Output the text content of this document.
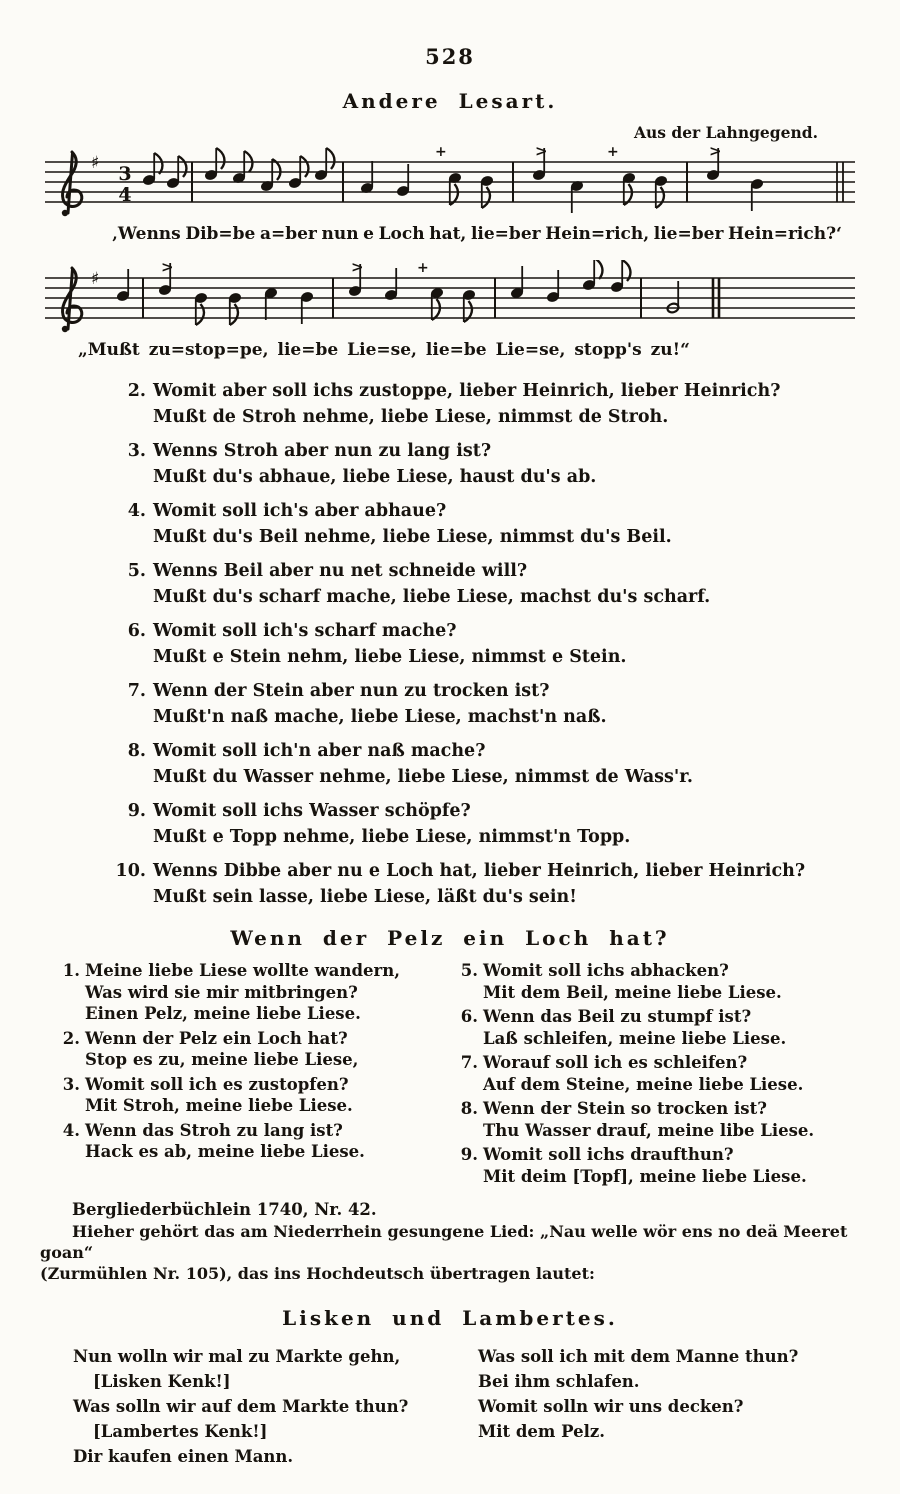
528
Andere Lesart.
Aus der Lahngegend.
♯ 3
4
+	>	+	>
‚Wenns Dib=be a=ber nun e Loch hat, lie=ber Hein=rich, lie=ber Hein=rich?‘
♯
>	>	+
„Mußt zu=stop=pe, lie=be Lie=se, lie=be Lie=se, stopp's zu!“
2. Womit aber soll ichs zustoppe, lieber Heinrich, lieber Heinrich?
Mußt de Stroh nehme, liebe Liese, nimmst de Stroh.
3. Wenns Stroh aber nun zu lang ist?
Mußt du's abhaue, liebe Liese, haust du's ab.
4. Womit soll ich's aber abhaue?
Mußt du's Beil nehme, liebe Liese, nimmst du's Beil.
5. Wenns Beil aber nu net schneide will?
Mußt du's scharf mache, liebe Liese, machst du's scharf.
6. Womit soll ich's scharf mache?
Mußt e Stein nehm, liebe Liese, nimmst e Stein.
7. Wenn der Stein aber nun zu trocken ist?
Mußt'n naß mache, liebe Liese, machst'n naß.
8. Womit soll ich'n aber naß mache?
Mußt du Wasser nehme, liebe Liese, nimmst de Wass'r.
9. Womit soll ichs Wasser schöpfe?
Mußt e Topp nehme, liebe Liese, nimmst'n Topp.
10. Wenns Dibbe aber nu e Loch hat, lieber Heinrich, lieber Heinrich?
Mußt sein lasse, liebe Liese, läßt du's sein!
Wenn der Pelz ein Loch hat?
1. Meine liebe Liese wollte wandern,
Was wird sie mir mitbringen?
Einen Pelz, meine liebe Liese.
2. Wenn der Pelz ein Loch hat?
Stop es zu, meine liebe Liese,
3. Womit soll ich es zustopfen?
Mit Stroh, meine liebe Liese.
4. Wenn das Stroh zu lang ist?
Hack es ab, meine liebe Liese.
5. Womit soll ichs abhacken?
Mit dem Beil, meine liebe Liese.
6. Wenn das Beil zu stumpf ist?
Laß schleifen, meine liebe Liese.
7. Worauf soll ich es schleifen?
Auf dem Steine, meine liebe Liese.
8. Wenn der Stein so trocken ist?
Thu Wasser drauf, meine libe Liese.
9. Womit soll ichs draufthun?
Mit deim [Topf], meine liebe Liese.
Bergliederbüchlein 1740, Nr. 42.
Hieher gehört das am Niederrhein gesungene Lied: „Nau welle wör ens no deä Meeret goan“
(Zurmühlen Nr. 105), das ins Hochdeutsch übertragen lautet:
Lisken und Lambertes.
Nun wolln wir mal zu Markte gehn,
[Lisken Kenk!]
Was solln wir auf dem Markte thun?
[Lambertes Kenk!]
Dir kaufen einen Mann.
Was soll ich mit dem Manne thun?
Bei ihm schlafen.
Womit solln wir uns decken?
Mit dem Pelz.
